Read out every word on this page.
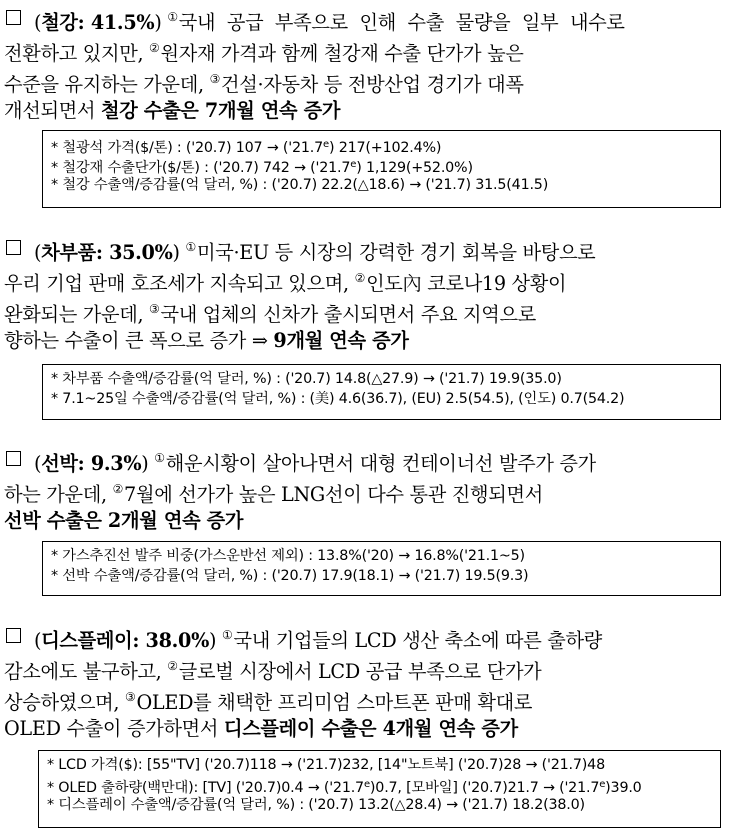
(철강: 41.5%) ①국내  공급  부족으로  인해  수출  물량을  일부  내수로
전환하고 있지만, ②원자재 가격과 함께 철강재 수출 단가가 높은
수준을 유지하는 가운데, ③건설·자동차 등 전방산업 경기가 대폭
개선되면서 철강 수출은 7개월 연속 증가
* 철광석 가격($/톤) : ('20.7) 107 → ('21.7$^e$) 217(+102.4%)
* 철강재 수출단가($/톤) : ('20.7) 742 → ('21.7$^e$) 1,129(+52.0%)
* 철강 수출액/증감률(억 달러, %) : ('20.7) 22.2(△18.6) → ('21.7) 31.5(41.5)
(차부품: 35.0%) ①미국·EU 등 시장의 강력한 경기 회복을 바탕으로
우리 기업 판매 호조세가 지속되고 있으며, ②인도內 코로나19 상황이
완화되는 가운데, ③국내 업체의 신차가 출시되면서 주요 지역으로
향하는 수출이 큰 폭으로 증가 ⇒ 9개월 연속 증가
* 차부품 수출액/증감률(억 달러, %) : ('20.7) 14.8(△27.9) → ('21.7) 19.9(35.0)
* 7.1~25일 수출액/증감률(억 달러, %) : (美) 4.6(36.7), (EU) 2.5(54.5), (인도) 0.7(54.2)
(선박: 9.3%) ①해운시황이 살아나면서 대형 컨테이너선 발주가 증가
하는 가운데, ②7월에 선가가 높은 LNG선이 다수 통관 진행되면서
선박 수출은 2개월 연속 증가
* 가스추진선 발주 비중(가스운반선 제외) : 13.8%('20) → 16.8%('21.1~5)
* 선박 수출액/증감률(억 달러, %) : ('20.7) 17.9(18.1) → ('21.7) 19.5(9.3)
(디스플레이: 38.0%) ①국내 기업들의 LCD 생산 축소에 따른 출하량
감소에도 불구하고, ②글로벌 시장에서 LCD 공급 부족으로 단가가
상승하였으며, ③OLED를 채택한 프리미엄 스마트폰 판매 확대로
OLED 수출이 증가하면서 디스플레이 수출은 4개월 연속 증가
* LCD 가격($): [55"TV] ('20.7)118 → ('21.7)232, [14"노트북] ('20.7)28 → ('21.7)48
* OLED 출하량(백만대): [TV] ('20.7)0.4 → ('21.7$^e$)0.7, [모바일] ('20.7)21.7 → ('21.7$^e$)39.0
* 디스플레이 수출액/증감률(억 달러, %) : ('20.7) 13.2(△28.4) → ('21.7) 18.2(38.0)
